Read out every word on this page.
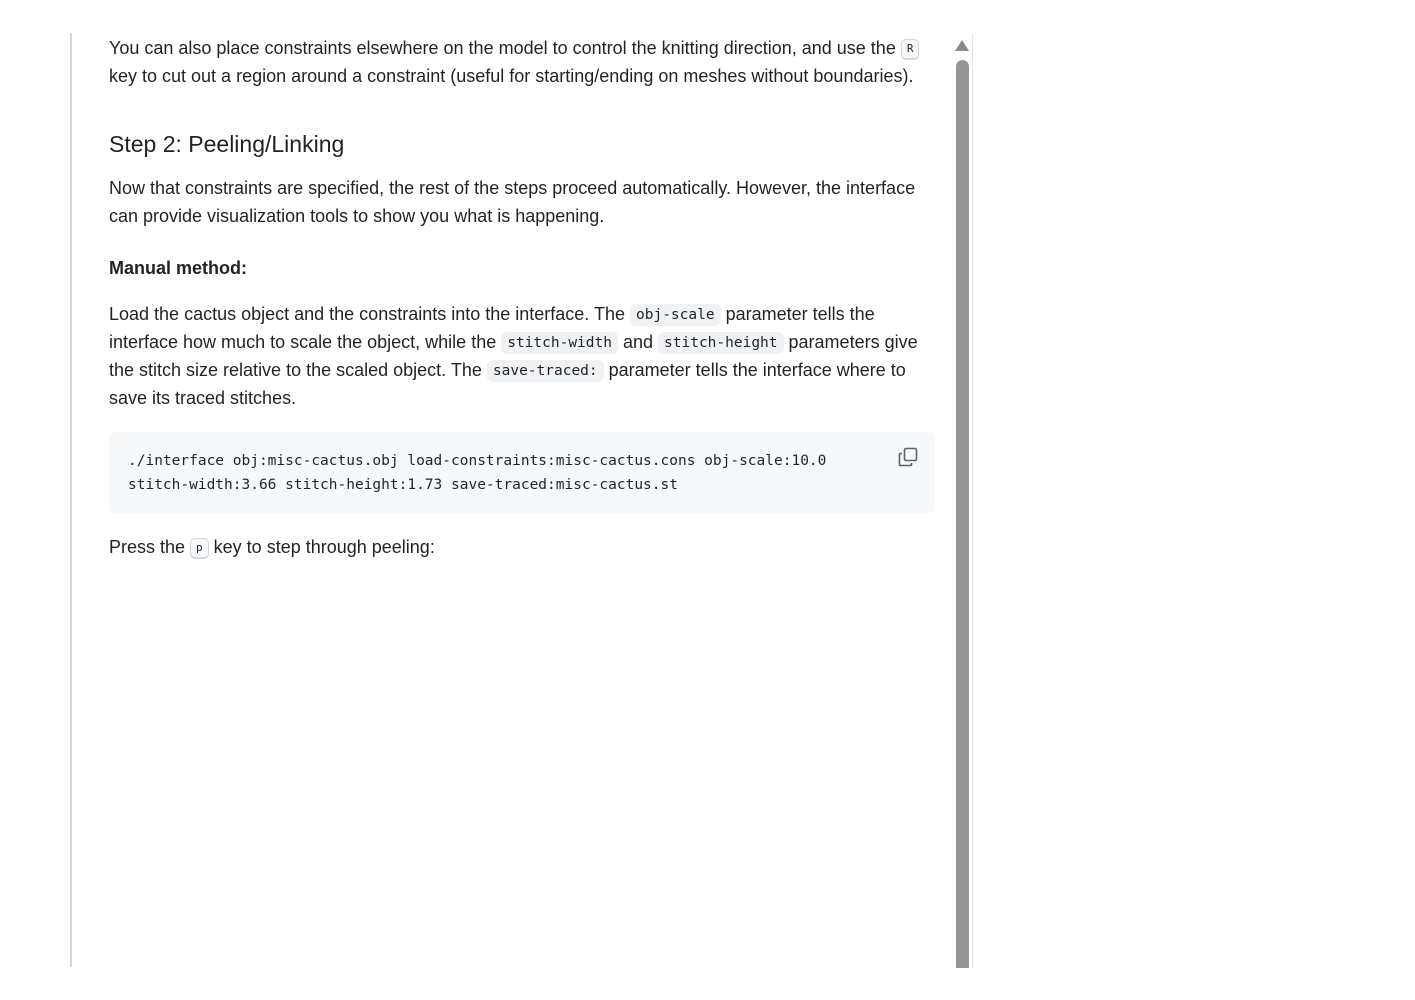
You can also place constraints elsewhere on the model to control the knitting direction, and use the R key to cut out a region around a constraint (useful for starting/ending on meshes without boundaries).

Step 2: Peeling/Linking

Now that constraints are specified, the rest of the steps proceed automatically. However, the interface can provide visualization tools to show you what is happening.

Manual method:

Load the cactus object and the constraints into the interface. The obj-scale parameter tells the interface how much to scale the object, while the stitch-width and stitch-height parameters give the stitch size relative to the scaled object. The save-traced: parameter tells the interface where to save its traced stitches.

./interface obj:misc-cactus.obj load-constraints:misc-cactus.cons obj-scale:10.0
stitch-width:3.66 stitch-height:1.73 save-traced:misc-cactus.st

Press the p key to step through peeling:
